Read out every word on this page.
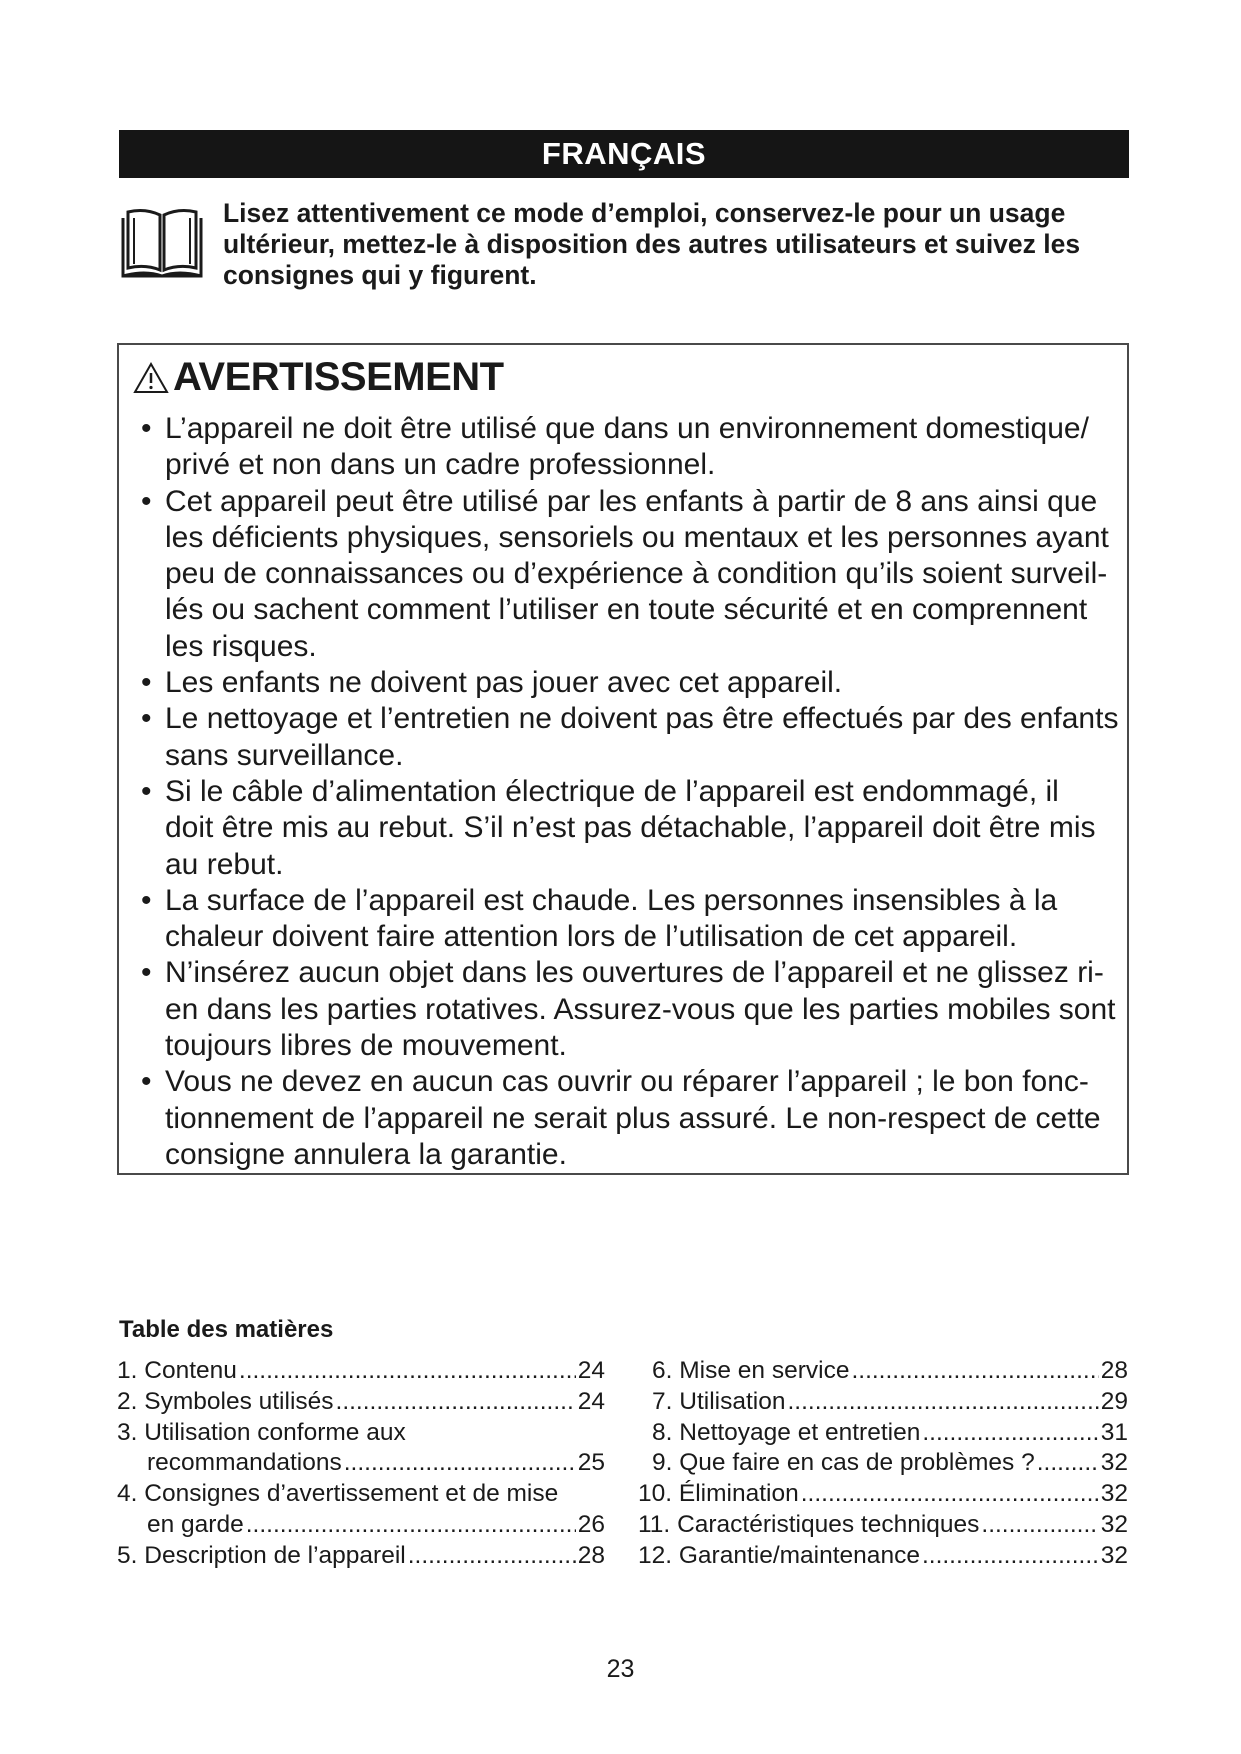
FRANÇAIS
Lisez attentivement ce mode d’emploi, conservez-le pour un usage
ultérieur, mettez-le à disposition des autres utilisateurs et suivez les
consignes qui y figurent.
AVERTISSEMENT
• L’appareil ne doit être utilisé que dans un environnement domestique/
privé et non dans un cadre professionnel.
• Cet appareil peut être utilisé par les enfants à partir de 8 ans ainsi que
les déficients physiques, sensoriels ou mentaux et les personnes ayant
peu de connaissances ou d’expérience à condition qu’ils soient surveil-
lés ou sachent comment l’utiliser en toute sécurité et en comprennent
les risques.
• Les enfants ne doivent pas jouer avec cet appareil.
• Le nettoyage et l’entretien ne doivent pas être effectués par des enfants
sans surveillance.
• Si le câble d’alimentation électrique de l’appareil est endommagé, il
doit être mis au rebut. S’il n’est pas détachable, l’appareil doit être mis
au rebut.
• La surface de l’appareil est chaude. Les personnes insensibles à la
chaleur doivent faire attention lors de l’utilisation de cet appareil.
• N’insérez aucun objet dans les ouvertures de l’appareil et ne glissez ri-
en dans les parties rotatives. Assurez-vous que les parties mobiles sont
toujours libres de mouvement.
• Vous ne devez en aucun cas ouvrir ou réparer l’appareil ; le bon fonc-
tionnement de l’appareil ne serait plus assuré. Le non-respect de cette
consigne annulera la garantie.
Table des matières
1.
Contenu .....	24
2.
Symboles utilisés .....	24
3.
Utilisation conforme aux
recommandations .....	25
4.
Consignes d’avertissement et de mise
en garde .....	26
5.
Description de l’appareil .....	28
6.
Mise en service .....	28
7.
Utilisation .....	29
8.
Nettoyage et entretien .....	31
9.
Que faire en cas de problèmes ? .....	32
10.
Élimination .....	32
11.
Caractéristiques techniques .....	32
12.
Garantie/maintenance .....	32
23
